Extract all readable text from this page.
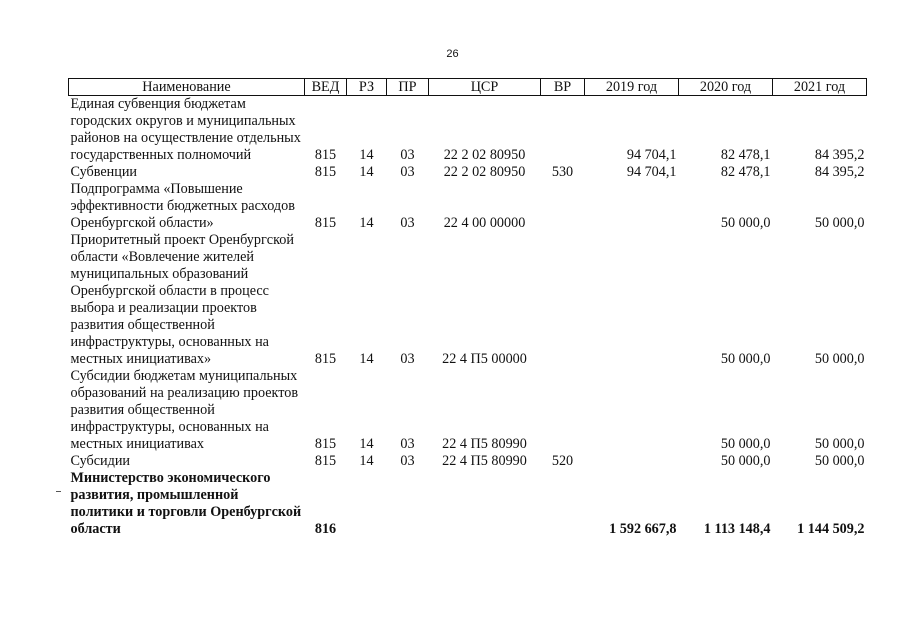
26
Наименование	ВЕД	РЗ	ПР	ЦСР	ВР	2019 год	2020 год	2021 год
Единая субвенция бюджетам городских округов и муниципальных районов на осуществление отдельных государственных полномочий	815	14	03	22 2 02 80950		94 704,1	82 478,1	84 395,2
Субвенции	815	14	03	22 2 02 80950	530	94 704,1	82 478,1	84 395,2
Подпрограмма «Повышение эффективности бюджетных расходов Оренбургской области»	815	14	03	22 4 00 00000			50 000,0	50 000,0
Приоритетный проект Оренбургской области «Вовлечение жителей муниципальных образований Оренбургской области в процесс выбора и реализации проектов развития общественной инфраструктуры, основанных на местных инициативах»	815	14	03	22 4 П5 00000			50 000,0	50 000,0
Субсидии бюджетам муниципальных образований на реализацию проектов развития общественной инфраструктуры, основанных на местных инициативах	815	14	03	22 4 П5 80990			50 000,0	50 000,0
Субсидии	815	14	03	22 4 П5 80990	520		50 000,0	50 000,0
Министерство экономического развития, промышленной политики и торговли Оренбургской области	816					1 592 667,8	1 113 148,4	1 144 509,2
